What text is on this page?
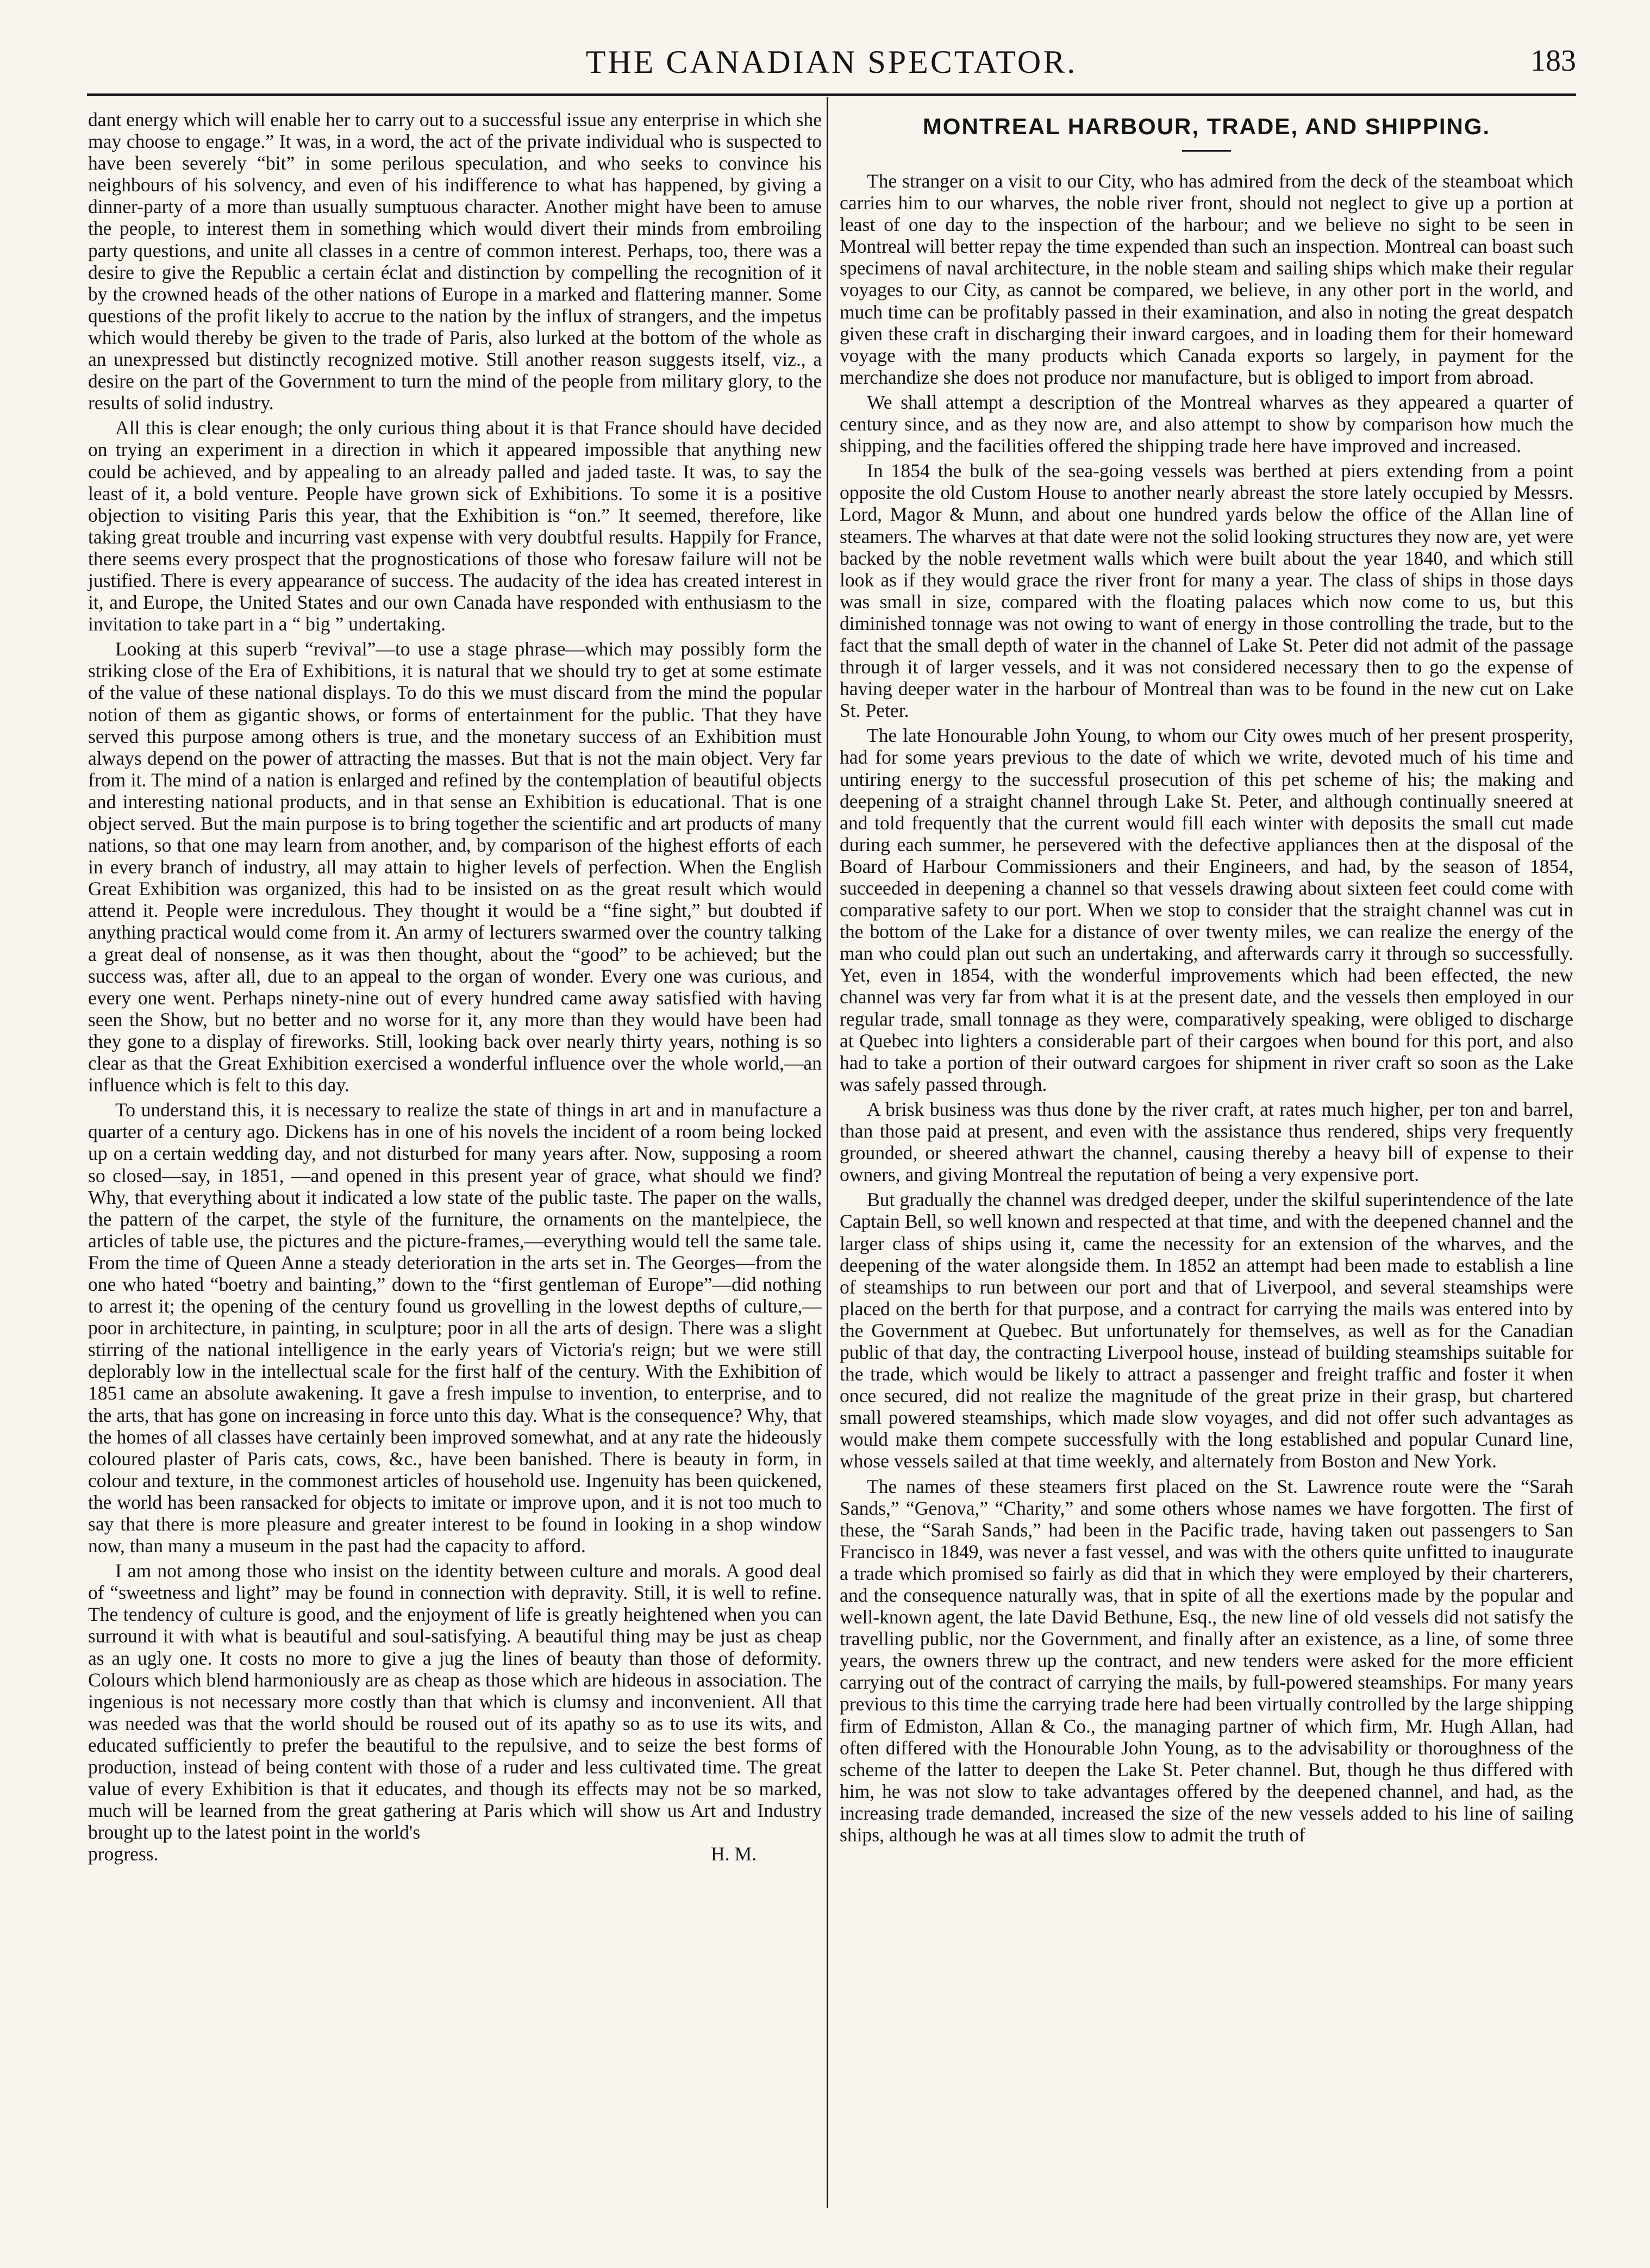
THE CANADIAN SPECTATOR.	183

dant energy which will enable her to carry out to a successful issue any enterprise in which she may choose to engage.” It was, in a word, the act of the private individual who is suspected to have been severely “bit” in some perilous speculation, and who seeks to convince his neighbours of his solvency, and even of his indifference to what has happened, by giving a dinner-party of a more than usually sumptuous character. Another might have been to amuse the people, to interest them in something which would divert their minds from embroiling party questions, and unite all classes in a centre of common interest. Perhaps, too, there was a desire to give the Republic a certain éclat and distinction by compelling the recognition of it by the crowned heads of the other nations of Europe in a marked and flattering manner. Some questions of the profit likely to accrue to the nation by the influx of strangers, and the impetus which would thereby be given to the trade of Paris, also lurked at the bottom of the whole as an unexpressed but distinctly recognized motive. Still another reason suggests itself, viz., a desire on the part of the Government to turn the mind of the people from military glory, to the results of solid industry.

All this is clear enough; the only curious thing about it is that France should have decided on trying an experiment in a direction in which it appeared impossible that anything new could be achieved, and by appealing to an already palled and jaded taste. It was, to say the least of it, a bold venture. People have grown sick of Exhibitions. To some it is a positive objection to visiting Paris this year, that the Exhibition is “on.” It seemed, therefore, like taking great trouble and incurring vast expense with very doubtful results. Happily for France, there seems every prospect that the prognostications of those who foresaw failure will not be justified. There is every appearance of success. The audacity of the idea has created interest in it, and Europe, the United States and our own Canada have responded with enthusiasm to the invitation to take part in a “ big ” undertaking.

Looking at this superb “revival”—to use a stage phrase—which may possibly form the striking close of the Era of Exhibitions, it is natural that we should try to get at some estimate of the value of these national displays. To do this we must discard from the mind the popular notion of them as gigantic shows, or forms of entertainment for the public. That they have served this purpose among others is true, and the monetary success of an Exhibition must always depend on the power of attracting the masses. But that is not the main object. Very far from it. The mind of a nation is enlarged and refined by the contemplation of beautiful objects and interesting national products, and in that sense an Exhibition is educational. That is one object served. But the main purpose is to bring together the scientific and art products of many nations, so that one may learn from another, and, by comparison of the highest efforts of each in every branch of industry, all may attain to higher levels of perfection. When the English Great Exhibition was organized, this had to be insisted on as the great result which would attend it. People were incredulous. They thought it would be a “fine sight,” but doubted if anything practical would come from it. An army of lecturers swarmed over the country talking a great deal of nonsense, as it was then thought, about the “good” to be achieved; but the success was, after all, due to an appeal to the organ of wonder. Every one was curious, and every one went. Perhaps ninety-nine out of every hundred came away satisfied with having seen the Show, but no better and no worse for it, any more than they would have been had they gone to a display of fireworks. Still, looking back over nearly thirty years, nothing is so clear as that the Great Exhibition exercised a wonderful influence over the whole world,—an influence which is felt to this day.

To understand this, it is necessary to realize the state of things in art and in manufacture a quarter of a century ago. Dickens has in one of his novels the incident of a room being locked up on a certain wedding day, and not disturbed for many years after. Now, supposing a room so closed—say, in 1851, —and opened in this present year of grace, what should we find? Why, that everything about it indicated a low state of the public taste. The paper on the walls, the pattern of the carpet, the style of the furniture, the ornaments on the mantelpiece, the articles of table use, the pictures and the picture-frames,—everything would tell the same tale. From the time of Queen Anne a steady deterioration in the arts set in. The Georges—from the one who hated “boetry and bainting,” down to the “first gentleman of Europe”—did nothing to arrest it; the opening of the century found us grovelling in the lowest depths of culture,—poor in architecture, in painting, in sculpture; poor in all the arts of design. There was a slight stirring of the national intelligence in the early years of Victoria's reign; but we were still deplorably low in the intellectual scale for the first half of the century. With the Exhibition of 1851 came an absolute awakening. It gave a fresh impulse to invention, to enterprise, and to the arts, that has gone on increasing in force unto this day. What is the consequence? Why, that the homes of all classes have certainly been improved somewhat, and at any rate the hideously coloured plaster of Paris cats, cows, &c., have been banished. There is beauty in form, in colour and texture, in the commonest articles of household use. Ingenuity has been quickened, the world has been ransacked for objects to imitate or improve upon, and it is not too much to say that there is more pleasure and greater interest to be found in looking in a shop window now, than many a museum in the past had the capacity to afford.

I am not among those who insist on the identity between culture and morals. A good deal of “sweetness and light” may be found in connection with depravity. Still, it is well to refine. The tendency of culture is good, and the enjoyment of life is greatly heightened when you can surround it with what is beautiful and soul-satisfying. A beautiful thing may be just as cheap as an ugly one. It costs no more to give a jug the lines of beauty than those of deformity. Colours which blend harmoniously are as cheap as those which are hideous in association. The ingenious is not necessary more costly than that which is clumsy and inconvenient. All that was needed was that the world should be roused out of its apathy so as to use its wits, and educated sufficiently to prefer the beautiful to the repulsive, and to seize the best forms of production, instead of being content with those of a ruder and less cultivated time. The great value of every Exhibition is that it educates, and though its effects may not be so marked, much will be learned from the great gathering at Paris which will show us Art and Industry brought up to the latest point in the world's

progress.	H. M.
MONTREAL HARBOUR, TRADE, AND SHIPPING.

The stranger on a visit to our City, who has admired from the deck of the steamboat which carries him to our wharves, the noble river front, should not neglect to give up a portion at least of one day to the inspection of the harbour; and we believe no sight to be seen in Montreal will better repay the time expended than such an inspection. Montreal can boast such specimens of naval architecture, in the noble steam and sailing ships which make their regular voyages to our City, as cannot be compared, we believe, in any other port in the world, and much time can be profitably passed in their examination, and also in noting the great despatch given these craft in discharging their inward cargoes, and in loading them for their homeward voyage with the many products which Canada exports so largely, in payment for the merchandize she does not produce nor manufacture, but is obliged to import from abroad.

We shall attempt a description of the Montreal wharves as they appeared a quarter of century since, and as they now are, and also attempt to show by comparison how much the shipping, and the facilities offered the shipping trade here have improved and increased.

In 1854 the bulk of the sea-going vessels was berthed at piers extending from a point opposite the old Custom House to another nearly abreast the store lately occupied by Messrs. Lord, Magor & Munn, and about one hundred yards below the office of the Allan line of steamers. The wharves at that date were not the solid looking structures they now are, yet were backed by the noble revetment walls which were built about the year 1840, and which still look as if they would grace the river front for many a year. The class of ships in those days was small in size, compared with the floating palaces which now come to us, but this diminished tonnage was not owing to want of energy in those controlling the trade, but to the fact that the small depth of water in the channel of Lake St. Peter did not admit of the passage through it of larger vessels, and it was not considered necessary then to go the expense of having deeper water in the harbour of Montreal than was to be found in the new cut on Lake St. Peter.

The late Honourable John Young, to whom our City owes much of her present prosperity, had for some years previous to the date of which we write, devoted much of his time and untiring energy to the successful prosecution of this pet scheme of his; the making and deepening of a straight channel through Lake St. Peter, and although continually sneered at and told frequently that the current would fill each winter with deposits the small cut made during each summer, he persevered with the defective appliances then at the disposal of the Board of Harbour Commissioners and their Engineers, and had, by the season of 1854, succeeded in deepening a channel so that vessels drawing about sixteen feet could come with comparative safety to our port. When we stop to consider that the straight channel was cut in the bottom of the Lake for a distance of over twenty miles, we can realize the energy of the man who could plan out such an undertaking, and afterwards carry it through so successfully. Yet, even in 1854, with the wonderful improvements which had been effected, the new channel was very far from what it is at the present date, and the vessels then employed in our regular trade, small tonnage as they were, comparatively speaking, were obliged to discharge at Quebec into lighters a considerable part of their cargoes when bound for this port, and also had to take a portion of their outward cargoes for shipment in river craft so soon as the Lake was safely passed through.

A brisk business was thus done by the river craft, at rates much higher, per ton and barrel, than those paid at present, and even with the assistance thus rendered, ships very frequently grounded, or sheered athwart the channel, causing thereby a heavy bill of expense to their owners, and giving Montreal the reputation of being a very expensive port.

But gradually the channel was dredged deeper, under the skilful superintendence of the late Captain Bell, so well known and respected at that time, and with the deepened channel and the larger class of ships using it, came the necessity for an extension of the wharves, and the deepening of the water alongside them. In 1852 an attempt had been made to establish a line of steamships to run between our port and that of Liverpool, and several steamships were placed on the berth for that purpose, and a contract for carrying the mails was entered into by the Government at Quebec. But unfortunately for themselves, as well as for the Canadian public of that day, the contracting Liverpool house, instead of building steamships suitable for the trade, which would be likely to attract a passenger and freight traffic and foster it when once secured, did not realize the magnitude of the great prize in their grasp, but chartered small powered steamships, which made slow voyages, and did not offer such advantages as would make them compete successfully with the long established and popular Cunard line, whose vessels sailed at that time weekly, and alternately from Boston and New York.

The names of these steamers first placed on the St. Lawrence route were the “Sarah Sands,” “Genova,” “Charity,” and some others whose names we have forgotten. The first of these, the “Sarah Sands,” had been in the Pacific trade, having taken out passengers to San Francisco in 1849, was never a fast vessel, and was with the others quite unfitted to inaugurate a trade which promised so fairly as did that in which they were employed by their charterers, and the consequence naturally was, that in spite of all the exertions made by the popular and well-known agent, the late David Bethune, Esq., the new line of old vessels did not satisfy the travelling public, nor the Government, and finally after an existence, as a line, of some three years, the owners threw up the contract, and new tenders were asked for the more efficient carrying out of the contract of carrying the mails, by full-powered steamships. For many years previous to this time the carrying trade here had been virtually controlled by the large shipping firm of Edmiston, Allan & Co., the managing partner of which firm, Mr. Hugh Allan, had often differed with the Honourable John Young, as to the advisability or thoroughness of the scheme of the latter to deepen the Lake St. Peter channel. But, though he thus differed with him, he was not slow to take advantages offered by the deepened channel, and had, as the increasing trade demanded, increased the size of the new vessels added to his line of sailing ships, although he was at all times slow to admit the truth of
